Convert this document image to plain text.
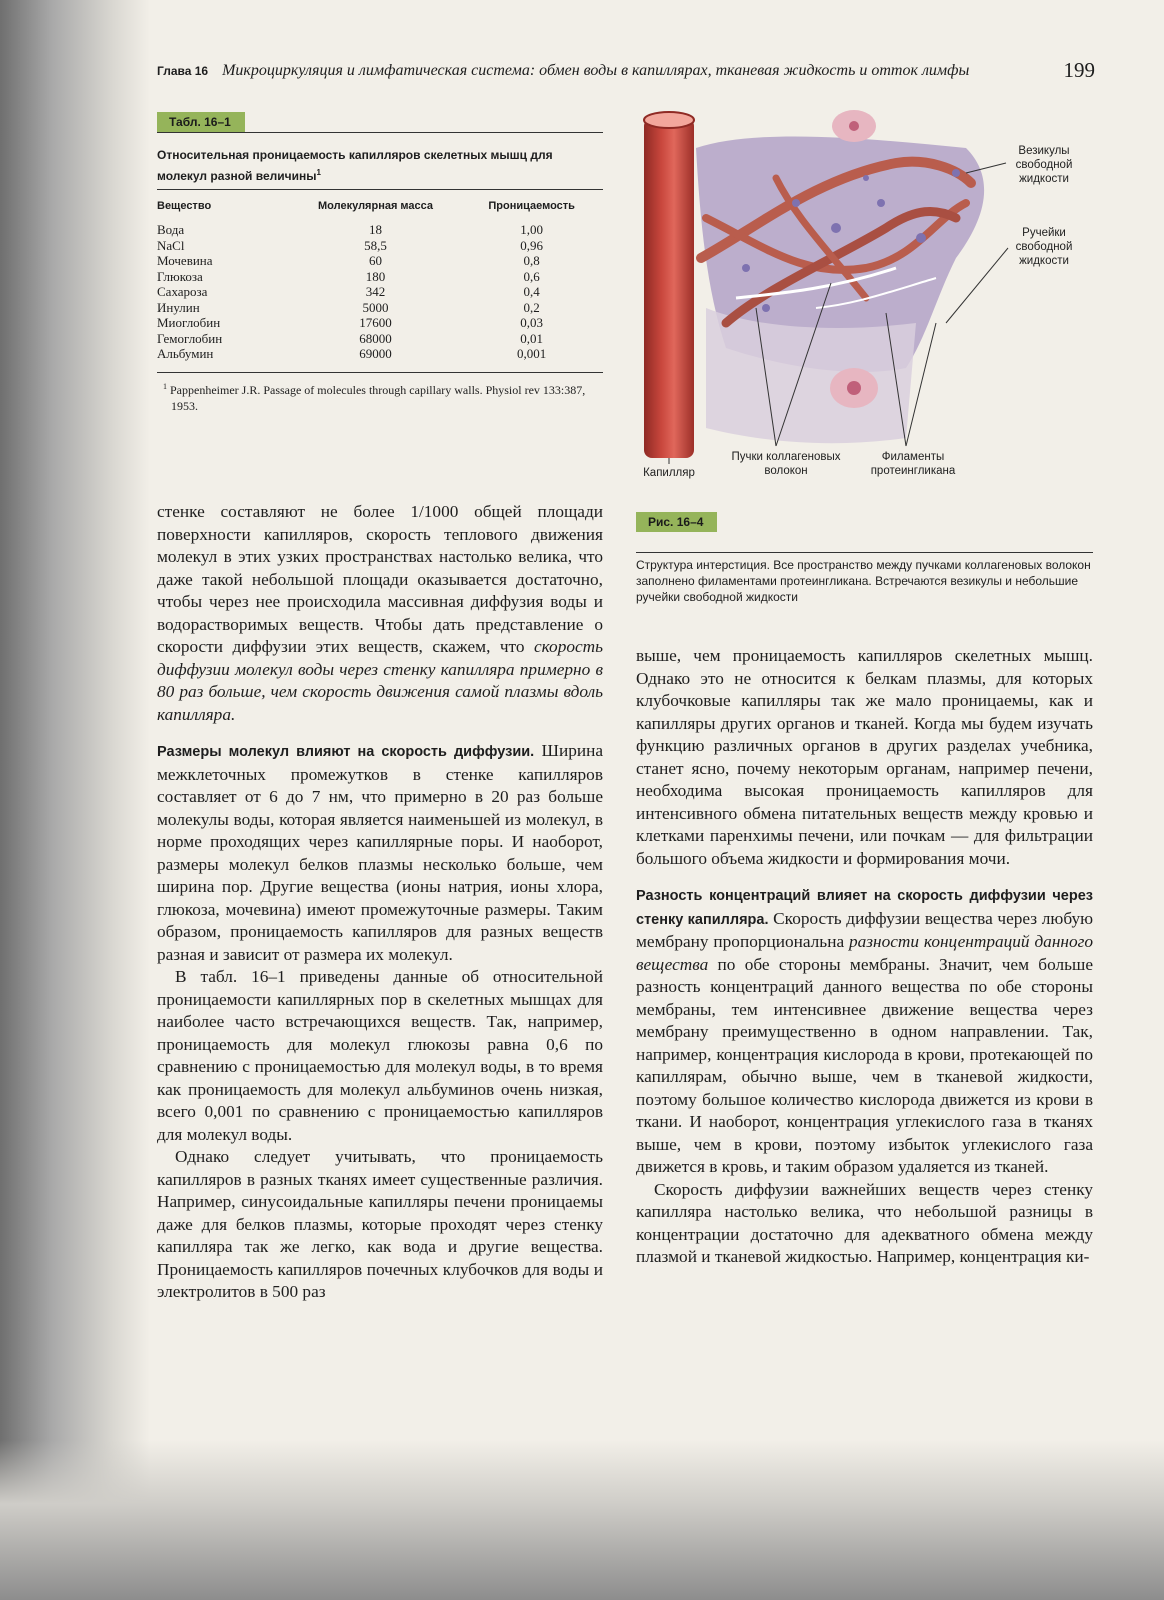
Глава 16 Микроциркуляция и лимфатическая система: обмен воды в капиллярах, тканевая жидкость и отток лимфы	199
Табл. 16–1
Относительная проницаемость капилляров скелетных мышц для молекул разной величины$^1$
Вещество	Молекулярная масса	Проницаемость
Вода	18	1,00
NaCl	58,5	0,96
Мочевина	60	0,8
Глюкоза	180	0,6
Сахароза	342	0,4
Инулин	5000	0,2
Миоглобин	17600	0,03
Гемоглобин	68000	0,01
Альбумин	69000	0,001
$^1$ Pappenheimer J.R. Passage of molecules through capillary walls. Physiol rev 133:387, 1953.
Везикулы свободной жидкости
Ручейки свободной жидкости
Капилляр
Пучки коллагеновых волокон
Филаменты протеингликана
Рис. 16–4
Структура интерстиция. Все пространство между пучками коллагеновых волокон заполнено филаментами протеингликана. Встречаются везикулы и небольшие ручейки свободной жидкости

стенке составляют не более 1/1000 общей площади поверхности капилляров, скорость теплового движения молекул в этих узких пространствах настолько велика, что даже такой небольшой площади оказывается достаточно, чтобы через нее происходила массивная диффузия воды и водорастворимых веществ. Чтобы дать представление о скорости диффузии этих веществ, скажем, что скорость диффузии молекул воды через стенку капилляра примерно в 80 раз больше, чем скорость движения самой плазмы вдоль капилляра.

Размеры молекул влияют на скорость диффузии. Ширина межклеточных промежутков в стенке капилляров составляет от 6 до 7 нм, что примерно в 20 раз больше молекулы воды, которая является наименьшей из молекул, в норме проходящих через капиллярные поры. И наоборот, размеры молекул белков плазмы несколько больше, чем ширина пор. Другие вещества (ионы натрия, ионы хлора, глюкоза, мочевина) имеют промежуточные размеры. Таким образом, проницаемость капилляров для разных веществ разная и зависит от размера их молекул.

В табл. 16–1 приведены данные об относительной проницаемости капиллярных пор в скелетных мышцах для наиболее часто встречающихся веществ. Так, например, проницаемость для молекул глюкозы равна 0,6 по сравнению с проницаемостью для молекул воды, в то время как проницаемость для молекул альбуминов очень низкая, всего 0,001 по сравнению с проницаемостью капилляров для молекул воды.

Однако следует учитывать, что проницаемость капилляров в разных тканях имеет существенные различия. Например, синусоидальные капилляры печени проницаемы даже для белков плазмы, которые проходят через стенку капилляра так же легко, как вода и другие вещества. Проницаемость капилляров почечных клубочков для воды и электролитов в 500 раз

выше, чем проницаемость капилляров скелетных мышц. Однако это не относится к белкам плазмы, для которых клубочковые капилляры так же мало проницаемы, как и капилляры других органов и тканей. Когда мы будем изучать функцию различных органов в других разделах учебника, станет ясно, почему некоторым органам, например печени, необходима высокая проницаемость капилляров для интенсивного обмена питательных веществ между кровью и клетками паренхимы печени, или почкам — для фильтрации большого объема жидкости и формирования мочи.

Разность концентраций влияет на скорость диффузии через стенку капилляра. Скорость диффузии вещества через любую мембрану пропорциональна разности концентраций данного вещества по обе стороны мембраны. Значит, чем больше разность концентраций данного вещества по обе стороны мембраны, тем интенсивнее движение вещества через мембрану преимущественно в одном направлении. Так, например, концентрация кислорода в крови, протекающей по капиллярам, обычно выше, чем в тканевой жидкости, поэтому большое количество кислорода движется из крови в ткани. И наоборот, концентрация углекислого газа в тканях выше, чем в крови, поэтому избыток углекислого газа движется в кровь, и таким образом удаляется из тканей.

Скорость диффузии важнейших веществ через стенку капилляра настолько велика, что небольшой разницы в концентрации достаточно для адекватного обмена между плазмой и тканевой жидкостью. Например, концентрация ки-
